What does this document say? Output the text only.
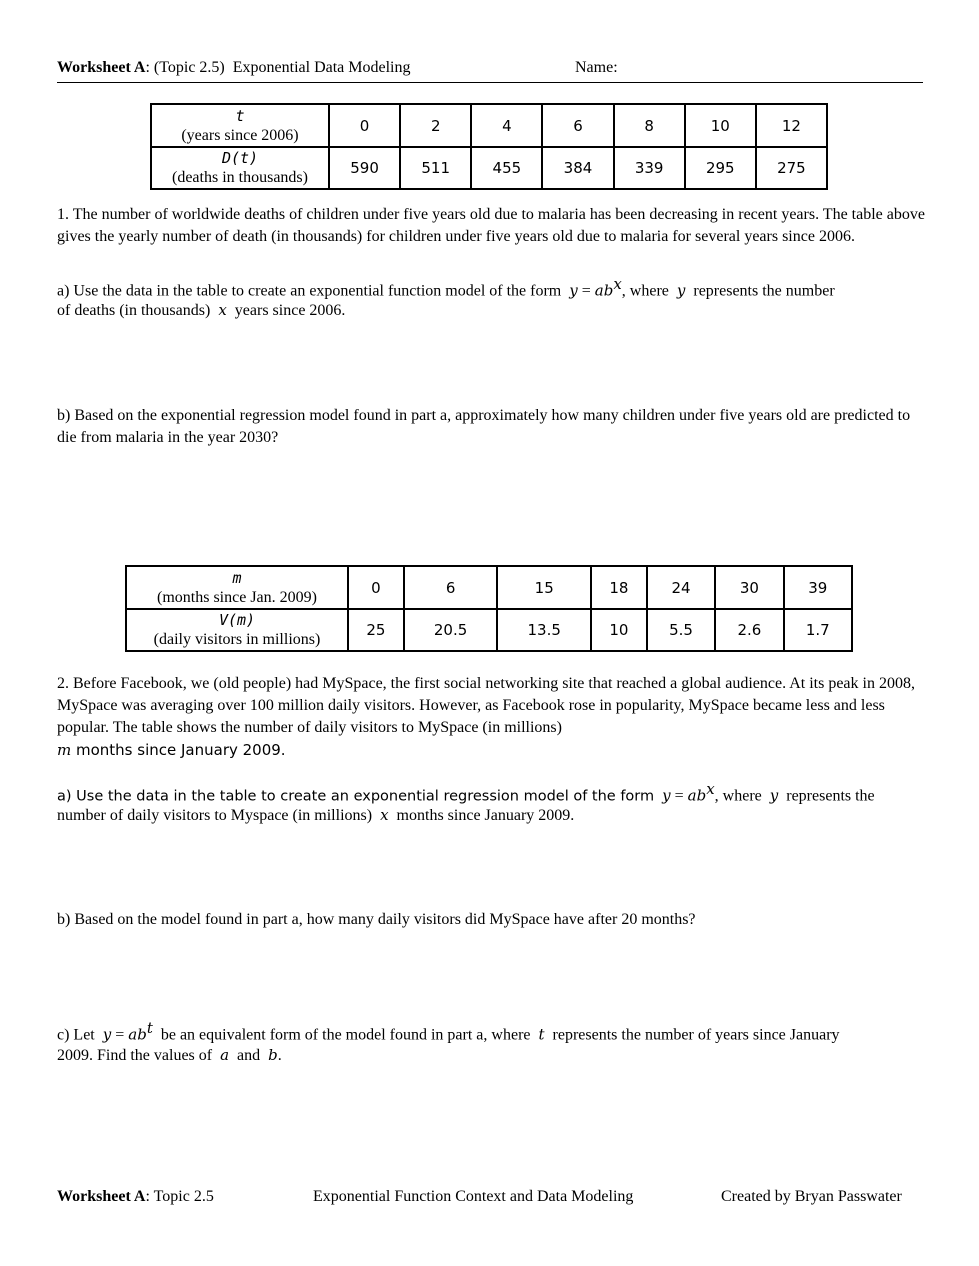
Worksheet A: (Topic 2.5)  Exponential Data Modeling	Name:
t
(years since 2006)	0	2	4	6	8	10	12

D(t)
(deaths in thousands)	590	511	455	384	339	295	275
1. The number of worldwide deaths of children under five years old due to malaria has been decreasing in recent years. The table above gives the yearly number of death (in thousands) for children under five years old due to malaria for several years since 2006.
a) Use the data in the table to create an exponential function model of the form $y = ab^x$, where y represents the number
of deaths (in thousands) x years since 2006.
b) Based on the exponential regression model found in part a, approximately how many children under five years old are predicted to die from malaria in the year 2030?
m
(months since Jan. 2009)	0	6	15	18	24	30	39

V(m)
(daily visitors in millions)	25	20.5	13.5	10	5.5	2.6	1.7
2. Before Facebook, we (old people) had MySpace, the first social networking site that reached a global audience. At its peak in 2008, MySpace was averaging over 100 million daily visitors. However, as Facebook rose in popularity, MySpace became less and less popular. The table shows the number of daily visitors to MySpace (in millions)
m months since January 2009.
a) Use the data in the table to create an exponential regression model of the form $y = ab^x$, where y represents the
number of daily visitors to Myspace (in millions) x months since January 2009.
b) Based on the model found in part a, how many daily visitors did MySpace have after 20 months?
c) Let $y = ab^t$ be an equivalent form of the model found in part a, where t represents the number of years since January
2009. Find the values of a and b.
Worksheet A: Topic 2.5	Exponential Function Context and Data Modeling	Created by Bryan Passwater
